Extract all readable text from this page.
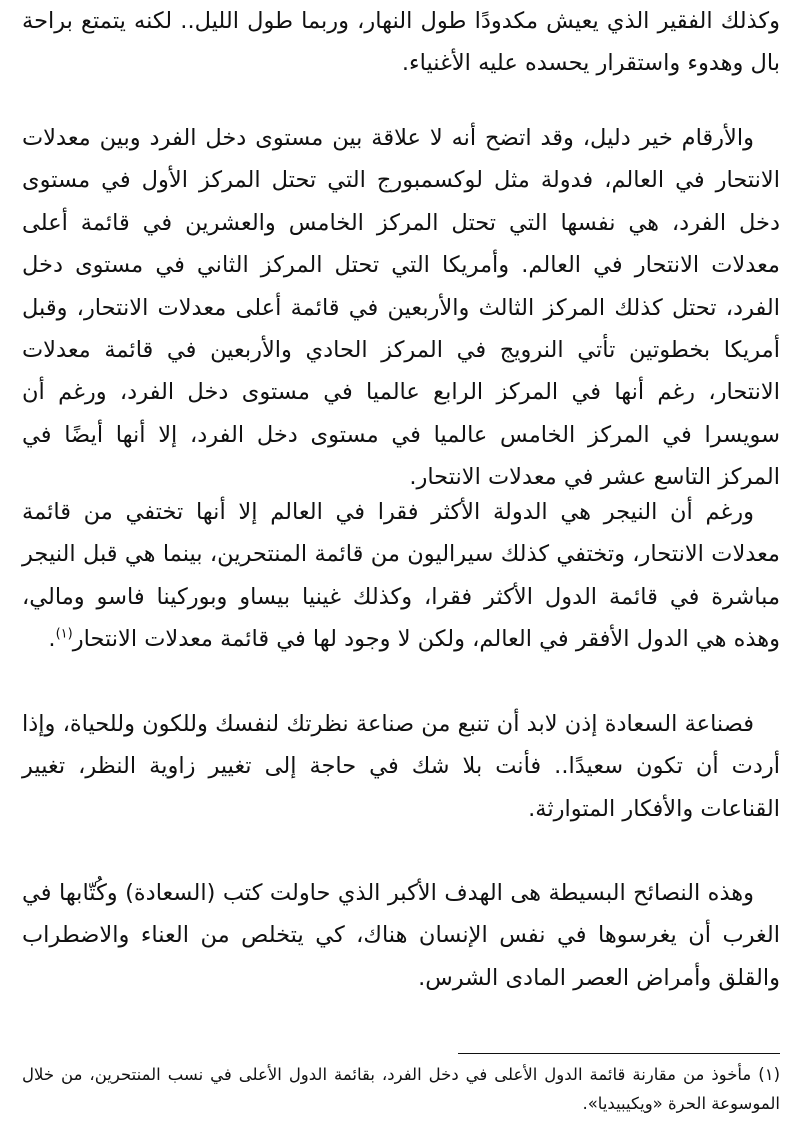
وكذلك الفقير الذي يعيش مكدودًا طول النهار، وربما طول الليل.. لكنه يتمتع براحة بال وهدوء واستقرار يحسده عليه الأغنياء.

والأرقام خير دليل، وقد اتضح أنه لا علاقة بين مستوى دخل الفرد وبين معدلات الانتحار في العالم، فدولة مثل لوكسمبورج التي تحتل المركز الأول في مستوى دخل الفرد، هي نفسها التي تحتل المركز الخامس والعشرين في قائمة أعلى معدلات الانتحار في العالم. وأمريكا التي تحتل المركز الثاني في مستوى دخل الفرد، تحتل كذلك المركز الثالث والأربعين في قائمة أعلى معدلات الانتحار، وقبل أمريكا بخطوتين تأتي النرويج في المركز الحادي والأربعين في قائمة معدلات الانتحار، رغم أنها في المركز الرابع عالميا في مستوى دخل الفرد، ورغم أن سويسرا في المركز الخامس عالميا في مستوى دخل الفرد، إلا أنها أيضًا في المركز التاسع عشر في معدلات الانتحار.

ورغم أن النيجر هي الدولة الأكثر فقرا في العالم إلا أنها تختفي من قائمة معدلات الانتحار، وتختفي كذلك سيراليون من قائمة المنتحرين، بينما هي قبل النيجر مباشرة في قائمة الدول الأكثر فقرا، وكذلك غينيا بيساو وبوركينا فاسو ومالي، وهذه هي الدول الأفقر في العالم، ولكن لا وجود لها في قائمة معدلات الانتحار$^{(١)}$.

فصناعة السعادة إذن لابد أن تنبع من صناعة نظرتك لنفسك وللكون وللحياة، وإذا أردت أن تكون سعيدًا.. فأنت بلا شك في حاجة إلى تغيير زاوية النظر، تغيير القناعات والأفكار المتوارثة.

وهذه النصائح البسيطة هى الهدف الأكبر الذي حاولت كتب (السعادة) وكُتّابها في الغرب أن يغرسوها في نفس الإنسان هناك، كي يتخلص من العناء والاضطراب والقلق وأمراض العصر المادى الشرس.

(١) مأخوذ من مقارنة قائمة الدول الأعلى في دخل الفرد، بقائمة الدول الأعلى في نسب المنتحرين، من خلال الموسوعة الحرة «ويكيبيديا».
